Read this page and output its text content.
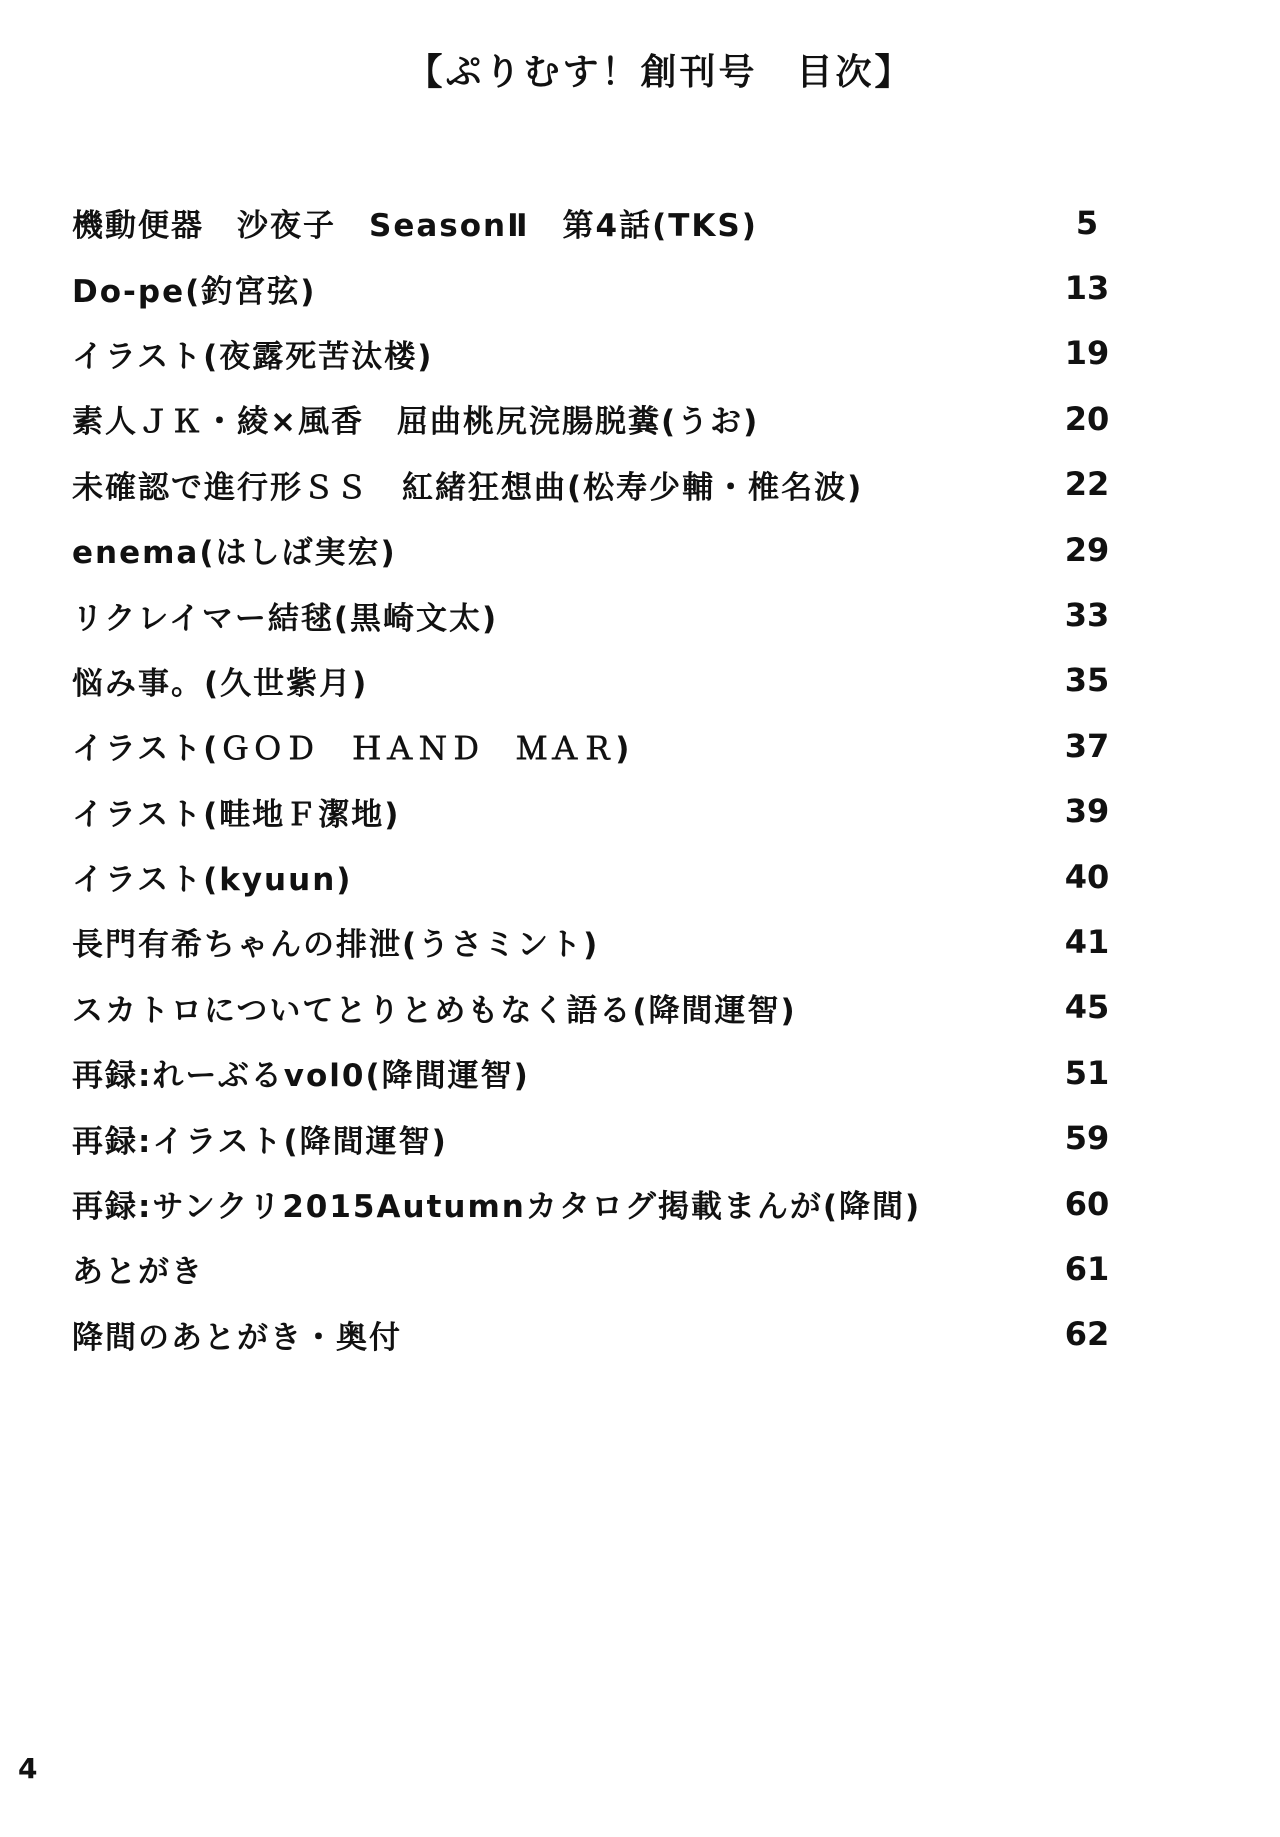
【ぷりむす！創刊号　目次】
機動便器　沙夜子　SeasonⅡ　第4話(TKS)	5
Do-pe(釣宮弦)	13
イラスト(夜露死苦汰楼)	19
素人ＪＫ・綾×風香　屈曲桃尻浣腸脱糞(うお)	20
未確認で進行形ＳＳ　紅緒狂想曲(松寿少輔・椎名波)	22
enema(はしば実宏)	29
リクレイマー結毬(黒崎文太)	33
悩み事。(久世紫月)	35
イラスト(ＧＯＤ　ＨＡＮＤ　ＭＡＲ)	37
イラスト(畦地Ｆ潔地)	39
イラスト(kyuun)	40
長門有希ちゃんの排泄(うさミント)	41
スカトロについてとりとめもなく語る(降間運智)	45
再録:れーぶるvol0(降間運智)	51
再録:イラスト(降間運智)	59
再録:サンクリ2015Autumnカタログ掲載まんが(降間)	60
あとがき	61
降間のあとがき・奥付	62
4
